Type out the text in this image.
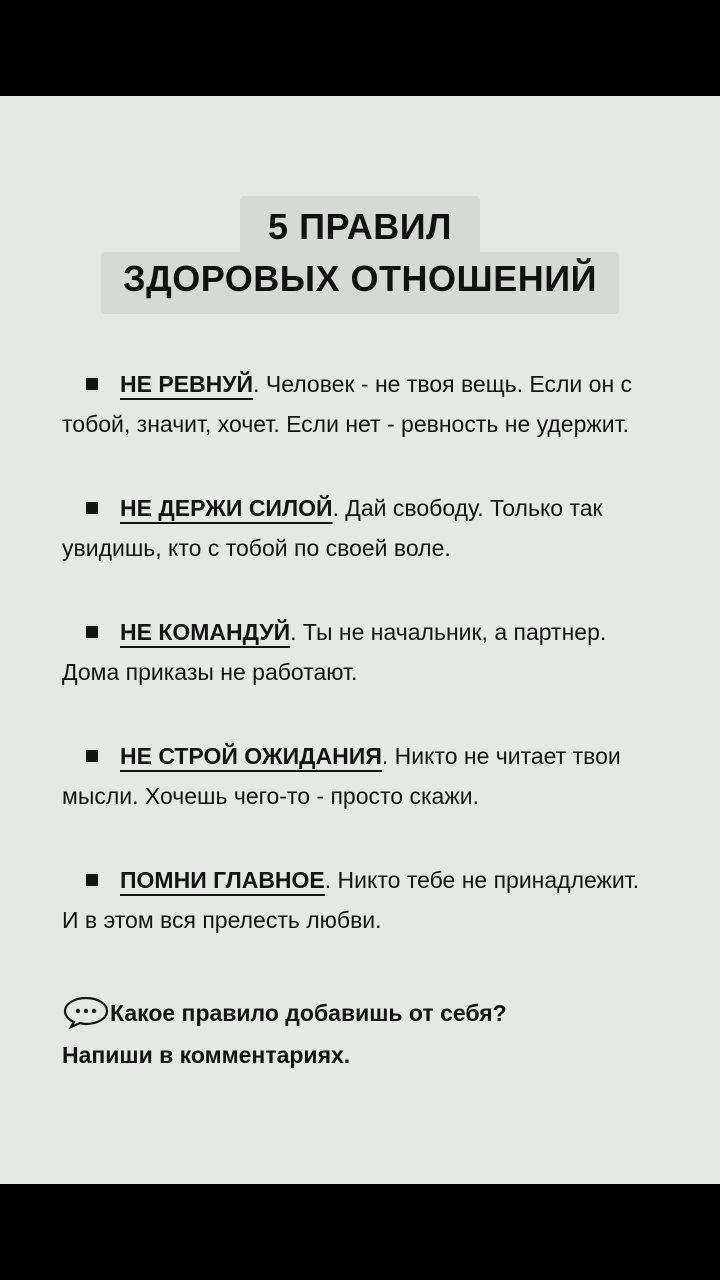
5 ПРАВИЛ
ЗДОРОВЫХ ОТНОШЕНИЙ
НЕ РЕВНУЙ. Человек - не твоя вещь. Если он с тобой, значит, хочет. Если нет - ревность не удержит.
НЕ ДЕРЖИ СИЛОЙ. Дай свободу. Только так увидишь, кто с тобой по своей воле.
НЕ КОМАНДУЙ. Ты не начальник, а партнер. Дома приказы не работают.
НЕ СТРОЙ ОЖИДАНИЯ. Никто не читает твои мысли. Хочешь чего-то - просто скажи.
ПОМНИ ГЛАВНОЕ. Никто тебе не принадлежит. И в этом вся прелесть любви.
Какое правило добавишь от себя?
Напиши в комментариях.
